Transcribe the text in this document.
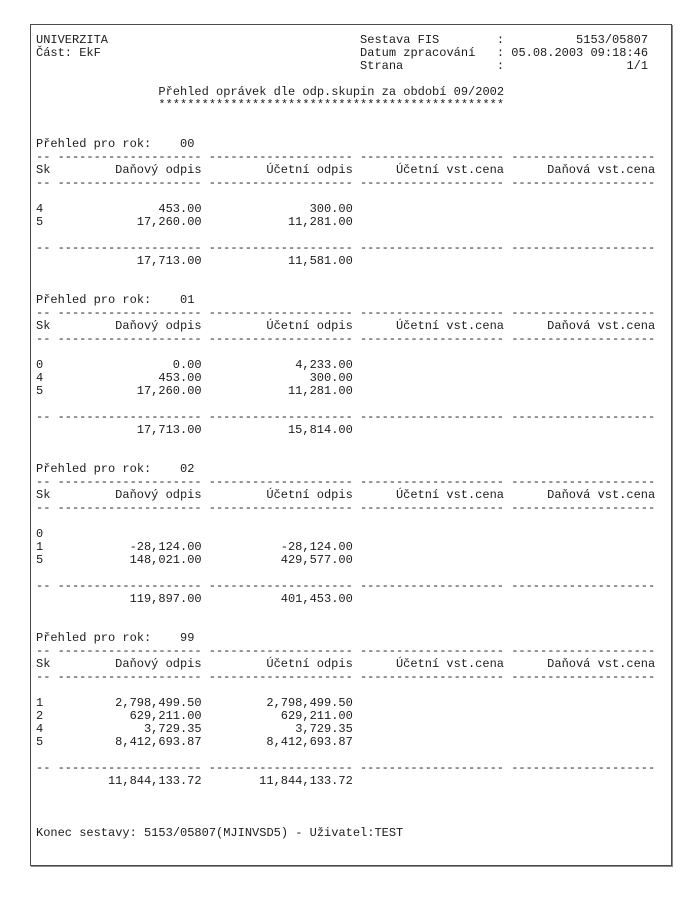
UNIVERZITA
Část: EkF
Sestava FIS	:	5153/05807
Datum zpracování	: 05.08.2003 09:18:46
Strana	:	1/1
Přehled oprávek dle odp.skupin za období 09/2002
************************************************
Přehled pro rok:	00
-- -------------------- -------------------- -------------------- --------------------
Sk	Daňový odpis	Účetní odpis	Účetní vst.cena	Daňová vst.cena
-- -------------------- -------------------- -------------------- --------------------
4	453.00	300.00
5	17,260.00	11,281.00
-- -------------------- -------------------- -------------------- --------------------
17,713.00	11,581.00
Přehled pro rok:	01
-- -------------------- -------------------- -------------------- --------------------
Sk	Daňový odpis	Účetní odpis	Účetní vst.cena	Daňová vst.cena
-- -------------------- -------------------- -------------------- --------------------
0	0.00	4,233.00
4	453.00	300.00
5	17,260.00	11,281.00
-- -------------------- -------------------- -------------------- --------------------
17,713.00	15,814.00
Přehled pro rok:	02
-- -------------------- -------------------- -------------------- --------------------
Sk	Daňový odpis	Účetní odpis	Účetní vst.cena	Daňová vst.cena
-- -------------------- -------------------- -------------------- --------------------
0
1	-28,124.00	-28,124.00
5	148,021.00	429,577.00
-- -------------------- -------------------- -------------------- --------------------
119,897.00	401,453.00
Přehled pro rok:	99
-- -------------------- -------------------- -------------------- --------------------
Sk	Daňový odpis	Účetní odpis	Účetní vst.cena	Daňová vst.cena
-- -------------------- -------------------- -------------------- --------------------
1	2,798,499.50	2,798,499.50
2	629,211.00	629,211.00
4	3,729.35	3,729.35
5	8,412,693.87	8,412,693.87
-- -------------------- -------------------- -------------------- --------------------
11,844,133.72	11,844,133.72
Konec sestavy: 5153/05807(MJINVSD5) - Uživatel:TEST
